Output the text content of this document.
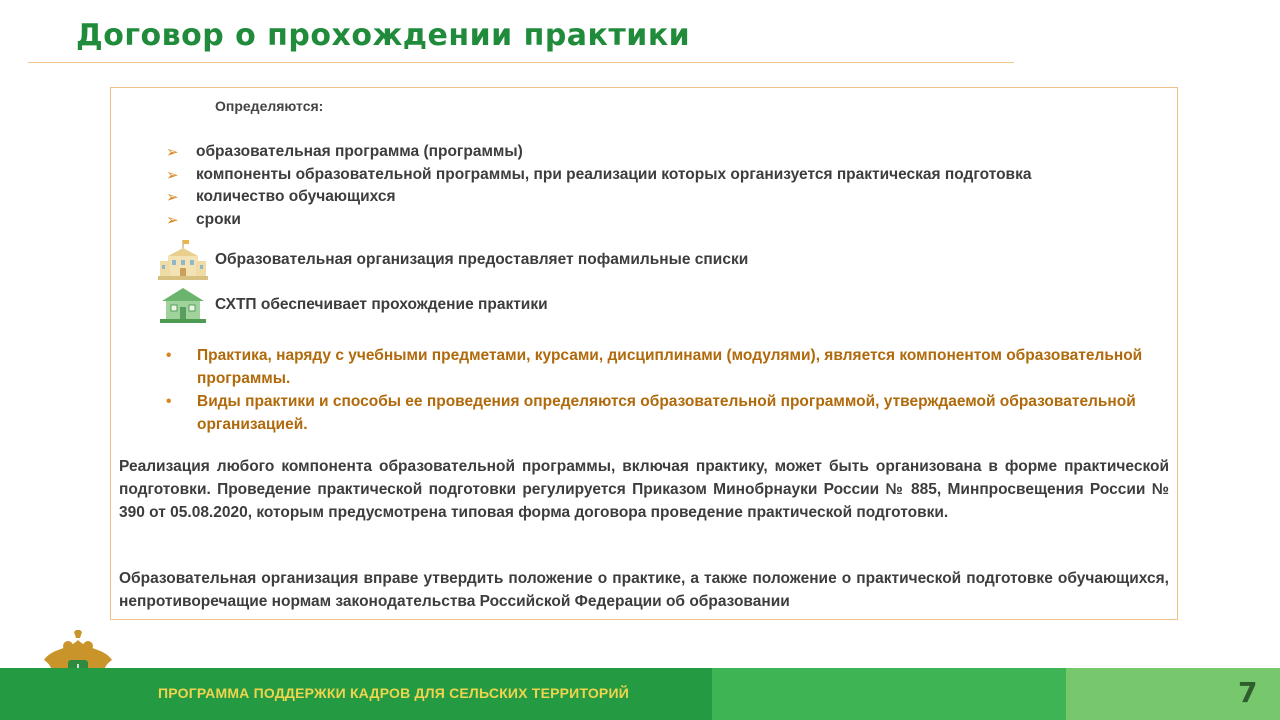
Договор о прохождении практики
Определяются:
➢ образовательная программа (программы)
➢ компоненты образовательной программы, при реализации которых организуется практическая подготовка
➢ количество обучающихся
➢ сроки
Образовательная организация предоставляет пофамильные списки
СХТП обеспечивает прохождение практики
• Практика, наряду с учебными предметами, курсами, дисциплинами (модулями), является компонентом образовательной программы.
• Виды практики и способы ее проведения определяются образовательной программой, утверждаемой образовательной организацией.

Реализация любого компонента образовательной программы, включая практику, может быть организована в форме практической подготовки. Проведение практической подготовки регулируется Приказом Минобрнауки России № 885, Минпросвещения России № 390 от 05.08.2020, которым предусмотрена типовая форма договора проведение практической подготовки.

Образовательная организация вправе утвердить положение о практике, а также положение о практической подготовке обучающихся, непротиворечащие нормам законодательства Российской Федерации об образовании

ПРОГРАММА ПОДДЕРЖКИ КАДРОВ ДЛЯ СЕЛЬСКИХ ТЕРРИТОРИЙ	7
